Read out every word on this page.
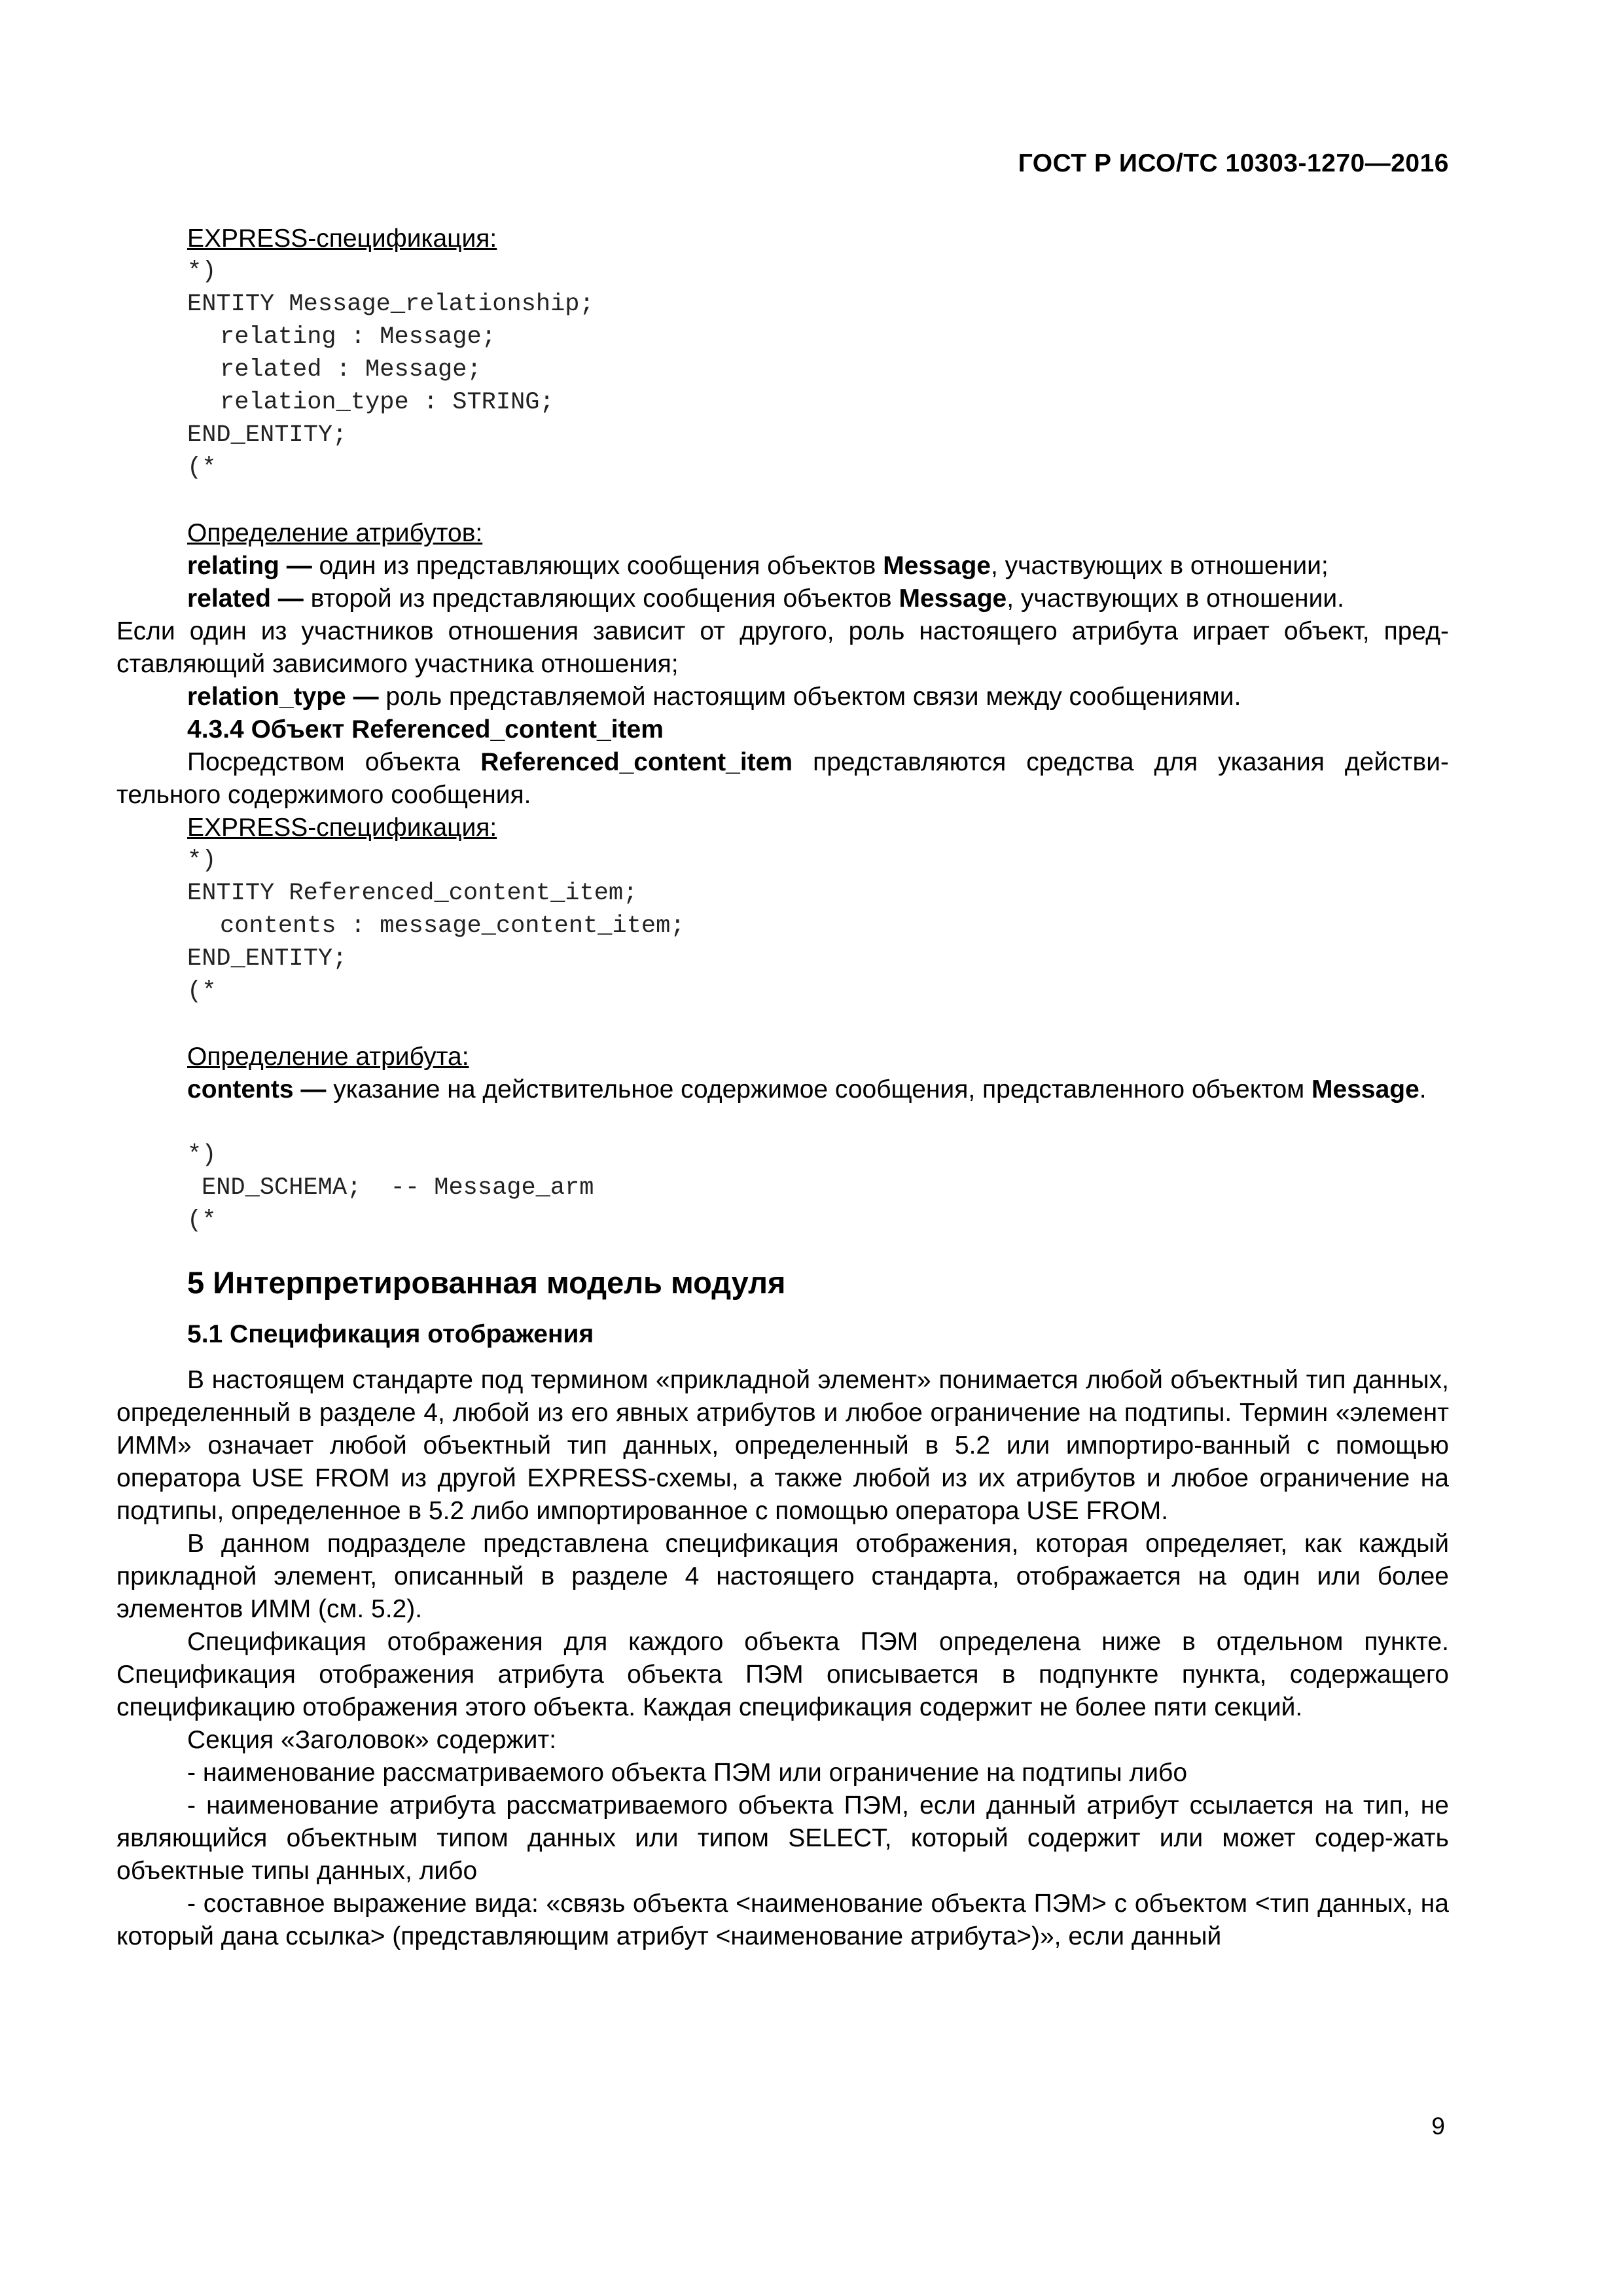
ГОСТ Р ИСО/ТС 10303-1270—2016

EXPRESS-спецификация:

*)
ENTITY Message_relationship;
relating : Message;
related : Message;
relation_type : STRING;
END_ENTITY;
(*

Определение атрибутов:

relating — один из представляющих сообщения объектов Message, участвующих в отношении;

related — второй из представляющих сообщения объектов Message, участвующих в отношении.

Если один из участников отношения зависит от другого, роль настоящего атрибута играет объект, пред-ставляющий зависимого участника отношения;

relation_type — роль представляемой настоящим объектом связи между сообщениями.

4.3.4 Объект Referenced_content_item

Посредством объекта Referenced_content_item представляются средства для указания действи-тельного содержимого сообщения.

EXPRESS-спецификация:

*)
ENTITY Referenced_content_item;
contents : message_content_item;
END_ENTITY;
(*

Определение атрибута:

contents — указание на действительное содержимое сообщения, представленного объектом Message.

*)
END_SCHEMA;  -- Message_arm
(*
5 Интерпретированная модель модуля
5.1 Спецификация отображения

В настоящем стандарте под термином «прикладной элемент» понимается любой объектный тип данных, определенный в разделе 4, любой из его явных атрибутов и любое ограничение на подтипы. Термин «элемент ИММ» означает любой объектный тип данных, определенный в 5.2 или импортиро-ванный с помощью оператора USE FROM из другой EXPRESS-схемы, а также любой из их атрибутов и любое ограничение на подтипы, определенное в 5.2 либо импортированное с помощью оператора USE FROM.

В данном подразделе представлена спецификация отображения, которая определяет, как каждый прикладной элемент, описанный в разделе 4 настоящего стандарта, отображается на один или более элементов ИММ (см. 5.2).

Спецификация отображения для каждого объекта ПЭМ определена ниже в отдельном пункте. Спецификация отображения атрибута объекта ПЭМ описывается в подпункте пункта, содержащего спецификацию отображения этого объекта. Каждая спецификация содержит не более пяти секций.

Секция «Заголовок» содержит:

- наименование рассматриваемого объекта ПЭМ или ограничение на подтипы либо

- наименование атрибута рассматриваемого объекта ПЭМ, если данный атрибут ссылается на тип, не являющийся объектным типом данных или типом SELECT, который содержит или может содер-жать объектные типы данных, либо

- составное выражение вида: «связь объекта <наименование объекта ПЭМ> с объектом <тип данных, на который дана ссылка> (представляющим атрибут <наименование атрибута>)», если данный

9
